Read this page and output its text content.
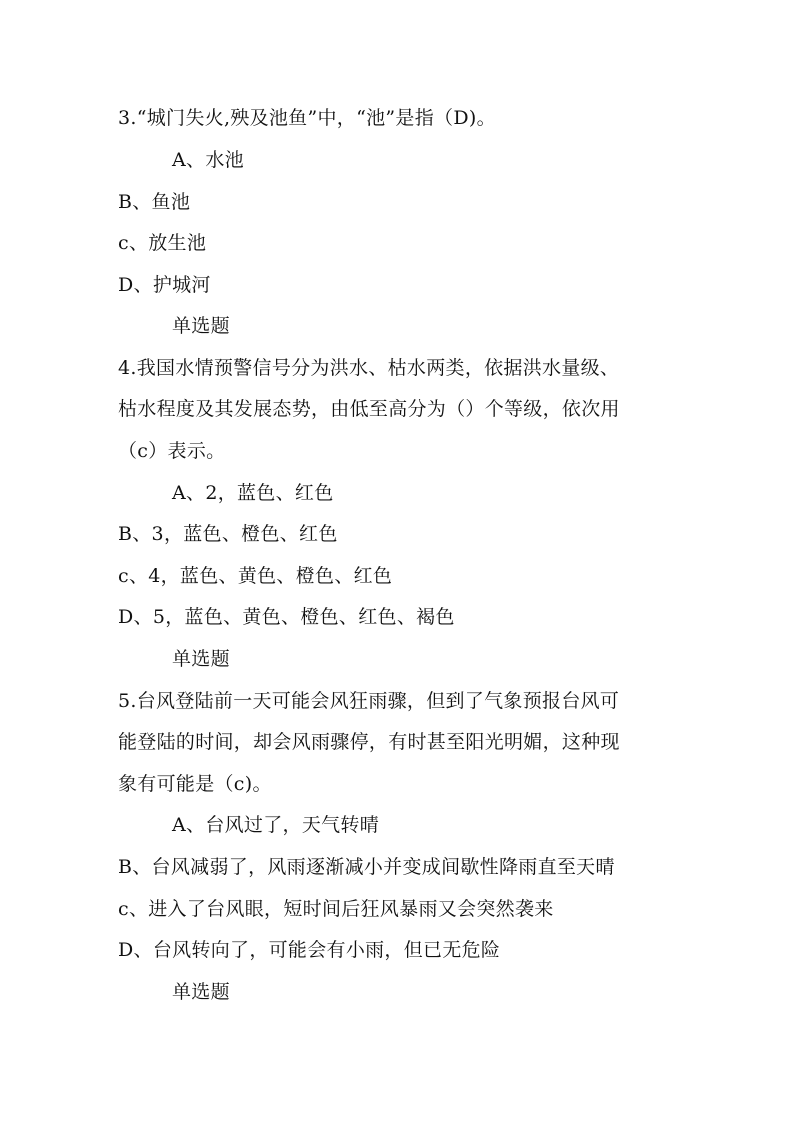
3.“城门失火,殃及池鱼”中，“池”是指（D)。
A、水池
B、鱼池
c、放生池
D、护城河
单选题
4.我国水情预警信号分为洪水、枯水两类，依据洪水量级、
枯水程度及其发展态势，由低至高分为（）个等级，依次用
（c）表示。
A、2，蓝色、红色
B、3，蓝色、橙色、红色
c、4，蓝色、黄色、橙色、红色
D、5，蓝色、黄色、橙色、红色、褐色
单选题
5.台风登陆前一天可能会风狂雨骤，但到了气象预报台风可
能登陆的时间，却会风雨骤停，有时甚至阳光明媚，这种现
象有可能是（c)。
A、台风过了，天气转晴
B、台风减弱了，风雨逐渐减小并变成间歇性降雨直至天晴
c、进入了台风眼，短时间后狂风暴雨又会突然袭来
D、台风转向了，可能会有小雨，但已无危险
单选题
